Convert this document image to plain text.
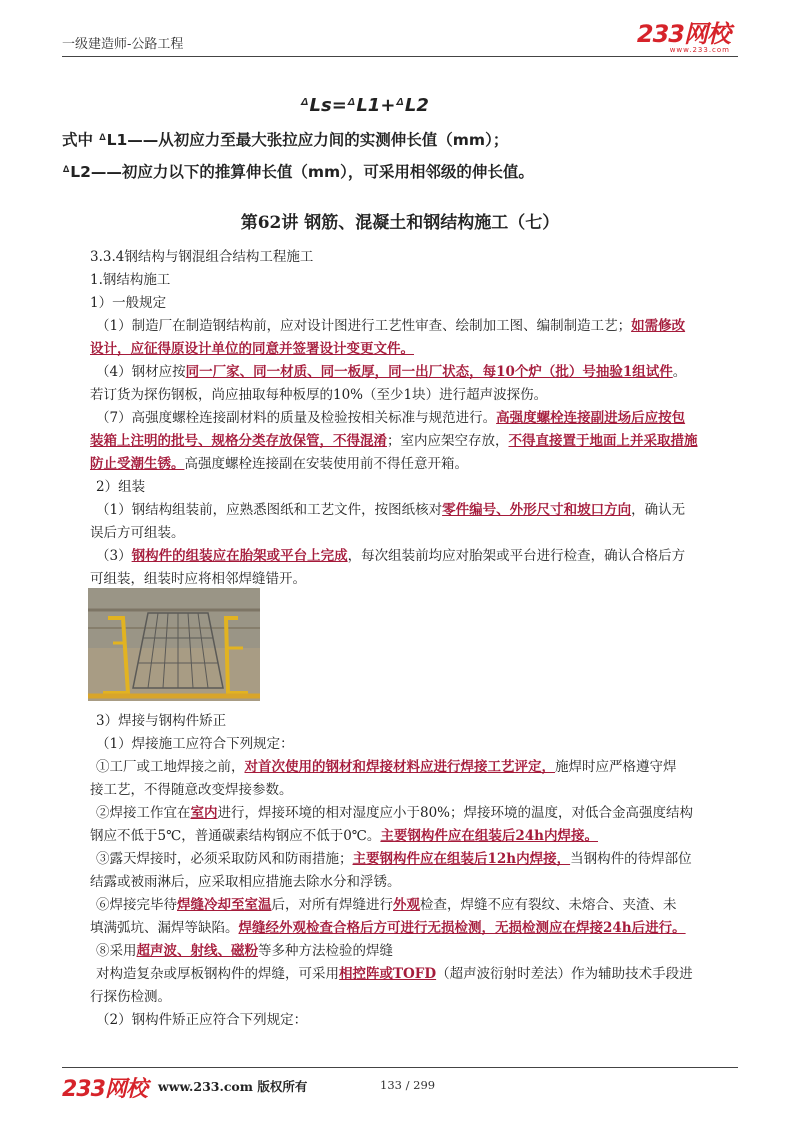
一级建造师-公路工程	233网校
www.233.com
ᐞLs=ᐞL1+ᐞL2
式中 ᐞL1——从初应力至最大张拉应力间的实测伸长值（mm）；
ᐞL2——初应力以下的推算伸长值（mm），可采用相邻级的伸长值。
第62讲 钢筋、混凝土和钢结构施工（七）
3.3.4钢结构与钢混组合结构工程施工
1.钢结构施工
1）一般规定
（1）制造厂在制造钢结构前，应对设计图进行工艺性审查、绘制加工图、编制制造工艺；如需修改
设计，应征得原设计单位的同意并签署设计变更文件。
（4）钢材应按同一厂家、同一材质、同一板厚，同一出厂状态，每10个炉（批）号抽验1组试件。
若订货为探伤钢板，尚应抽取每种板厚的10%（至少1块）进行超声波探伤。
（7）高强度螺栓连接副材料的质量及检验按相关标准与规范进行。高强度螺栓连接副进场后应按包
装箱上注明的批号、规格分类存放保管，不得混淆；室内应架空存放，不得直接置于地面上并采取措施
防止受潮生锈。高强度螺栓连接副在安装使用前不得任意开箱。
2）组装
（1）钢结构组装前，应熟悉图纸和工艺文件，按图纸核对零件编号、外形尺寸和坡口方向，确认无
误后方可组装。
（3）钢构件的组装应在胎架或平台上完成，每次组装前均应对胎架或平台进行检查，确认合格后方
可组装，组装时应将相邻焊缝错开。
3）焊接与钢构件矫正
（1）焊接施工应符合下列规定：
①工厂或工地焊接之前，对首次使用的钢材和焊接材料应进行焊接工艺评定，施焊时应严格遵守焊
接工艺，不得随意改变焊接参数。
②焊接工作宜在室内进行，焊接环境的相对湿度应小于80%；焊接环境的温度，对低合金高强度结构
钢应不低于5℃，普通碳素结构钢应不低于0℃。主要钢构件应在组装后24h内焊接。
③露天焊接时，必须采取防风和防雨措施；主要钢构件应在组装后12h内焊接，当钢构件的待焊部位
结露或被雨淋后，应采取相应措施去除水分和浮锈。
⑥焊接完毕待焊缝冷却至室温后，对所有焊缝进行外观检查，焊缝不应有裂纹、未熔合、夹渣、未
填满弧坑、漏焊等缺陷。焊缝经外观检查合格后方可进行无损检测，无损检测应在焊接24h后进行。
⑧采用超声波、射线、磁粉等多种方法检验的焊缝
对构造复杂或厚板钢构件的焊缝，可采用相控阵或TOFD（超声波衍射时差法）作为辅助技术手段进
行探伤检测。
（2）钢构件矫正应符合下列规定：
233网校 www.233.com 版权所有	133 / 299
